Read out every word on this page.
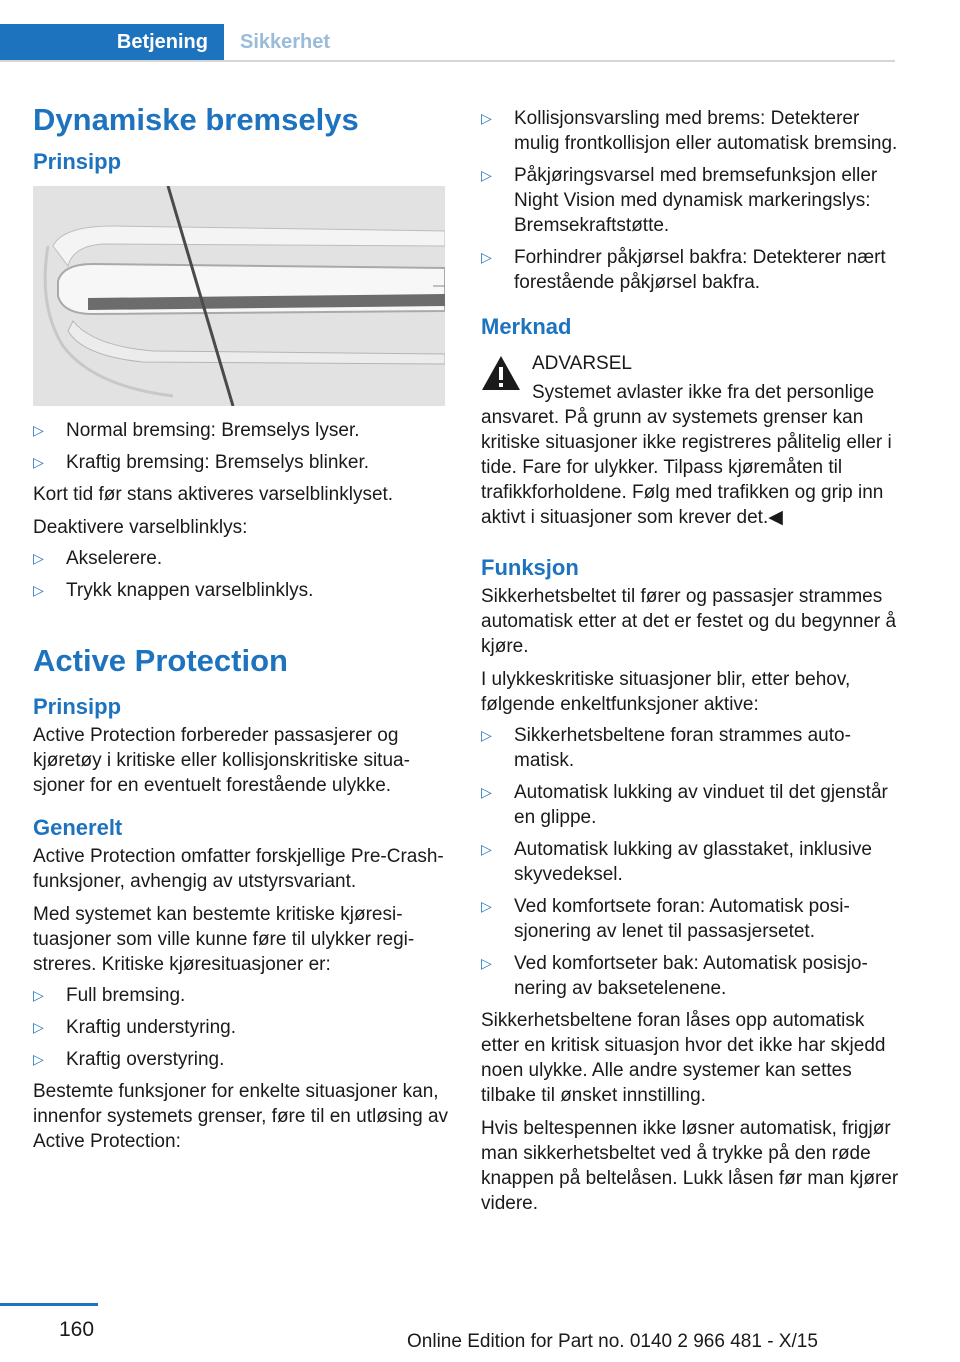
Betjening	Sikkerhet
Dynamiske bremselys
Prinsipp
▷ Normal bremsing: Bremselys lyser.
▷ Kraftig bremsing: Bremselys blinker.

Kort tid før stans aktiveres varselblinklyset.

Deaktivere varselblinklys:

▷ Akselerere.
▷ Trykk knappen varselblinklys.
Active Protection
Prinsipp

Active Protection forbereder passasjerer og kjøretøy i kritiske eller kollisjonskritiske situasjoner for en eventuelt forestående ulykke.

Generelt

Active Protection omfatter forskjellige Pre-Crash-funksjoner, avhengig av utstyrsvariant.

Med systemet kan bestemte kritiske kjøresituasjoner som ville kunne føre til ulykker registreres. Kritiske kjøresituasjoner er:

▷ Full bremsing.
▷ Kraftig understyring.
▷ Kraftig overstyring.

Bestemte funksjoner for enkelte situasjoner kan, innenfor systemets grenser, føre til en utløsing av Active Protection:

▷ Kollisjonsvarsling med brems: Detekterer mulig frontkollisjon eller automatisk bremsing.
▷ Påkjøringsvarsel med bremsefunksjon eller Night Vision med dynamisk markeringslys: Bremsekraftstøtte.
▷ Forhindrer påkjørsel bakfra: Detekterer nært forestående påkjørsel bakfra.
Merknad
ADVARSEL

Systemet avlaster ikke fra det personlige ansvaret. På grunn av systemets grenser kan kritiske situasjoner ikke registreres pålitelig eller i tide. Fare for ulykker. Tilpass kjøremåten til trafikkforholdene. Følg med trafikken og grip inn aktivt i situasjoner som krever det.◀

Funksjon

Sikkerhetsbeltet til fører og passasjer strammes automatisk etter at det er festet og du begynner å kjøre.

I ulykkeskritiske situasjoner blir, etter behov, følgende enkeltfunksjoner aktive:

▷ Sikkerhetsbeltene foran strammes automatisk.
▷ Automatisk lukking av vinduet til det gjenstår en glippe.
▷ Automatisk lukking av glasstaket, inklusive skyvedeksel.
▷ Ved komfortsete foran: Automatisk posisjonering av lenet til passasjersetet.
▷ Ved komfortseter bak: Automatisk posisjonering av baksetelenene.

Sikkerhetsbeltene foran låses opp automatisk etter en kritisk situasjon hvor det ikke har skjedd noen ulykke. Alle andre systemer kan settes tilbake til ønsket innstilling.

Hvis beltespennen ikke løsner automatisk, frigjør man sikkerhetsbeltet ved å trykke på den røde knappen på beltelåsen. Lukk låsen før man kjører videre.

160
Online Edition for Part no. 0140 2 966 481 - X/15
